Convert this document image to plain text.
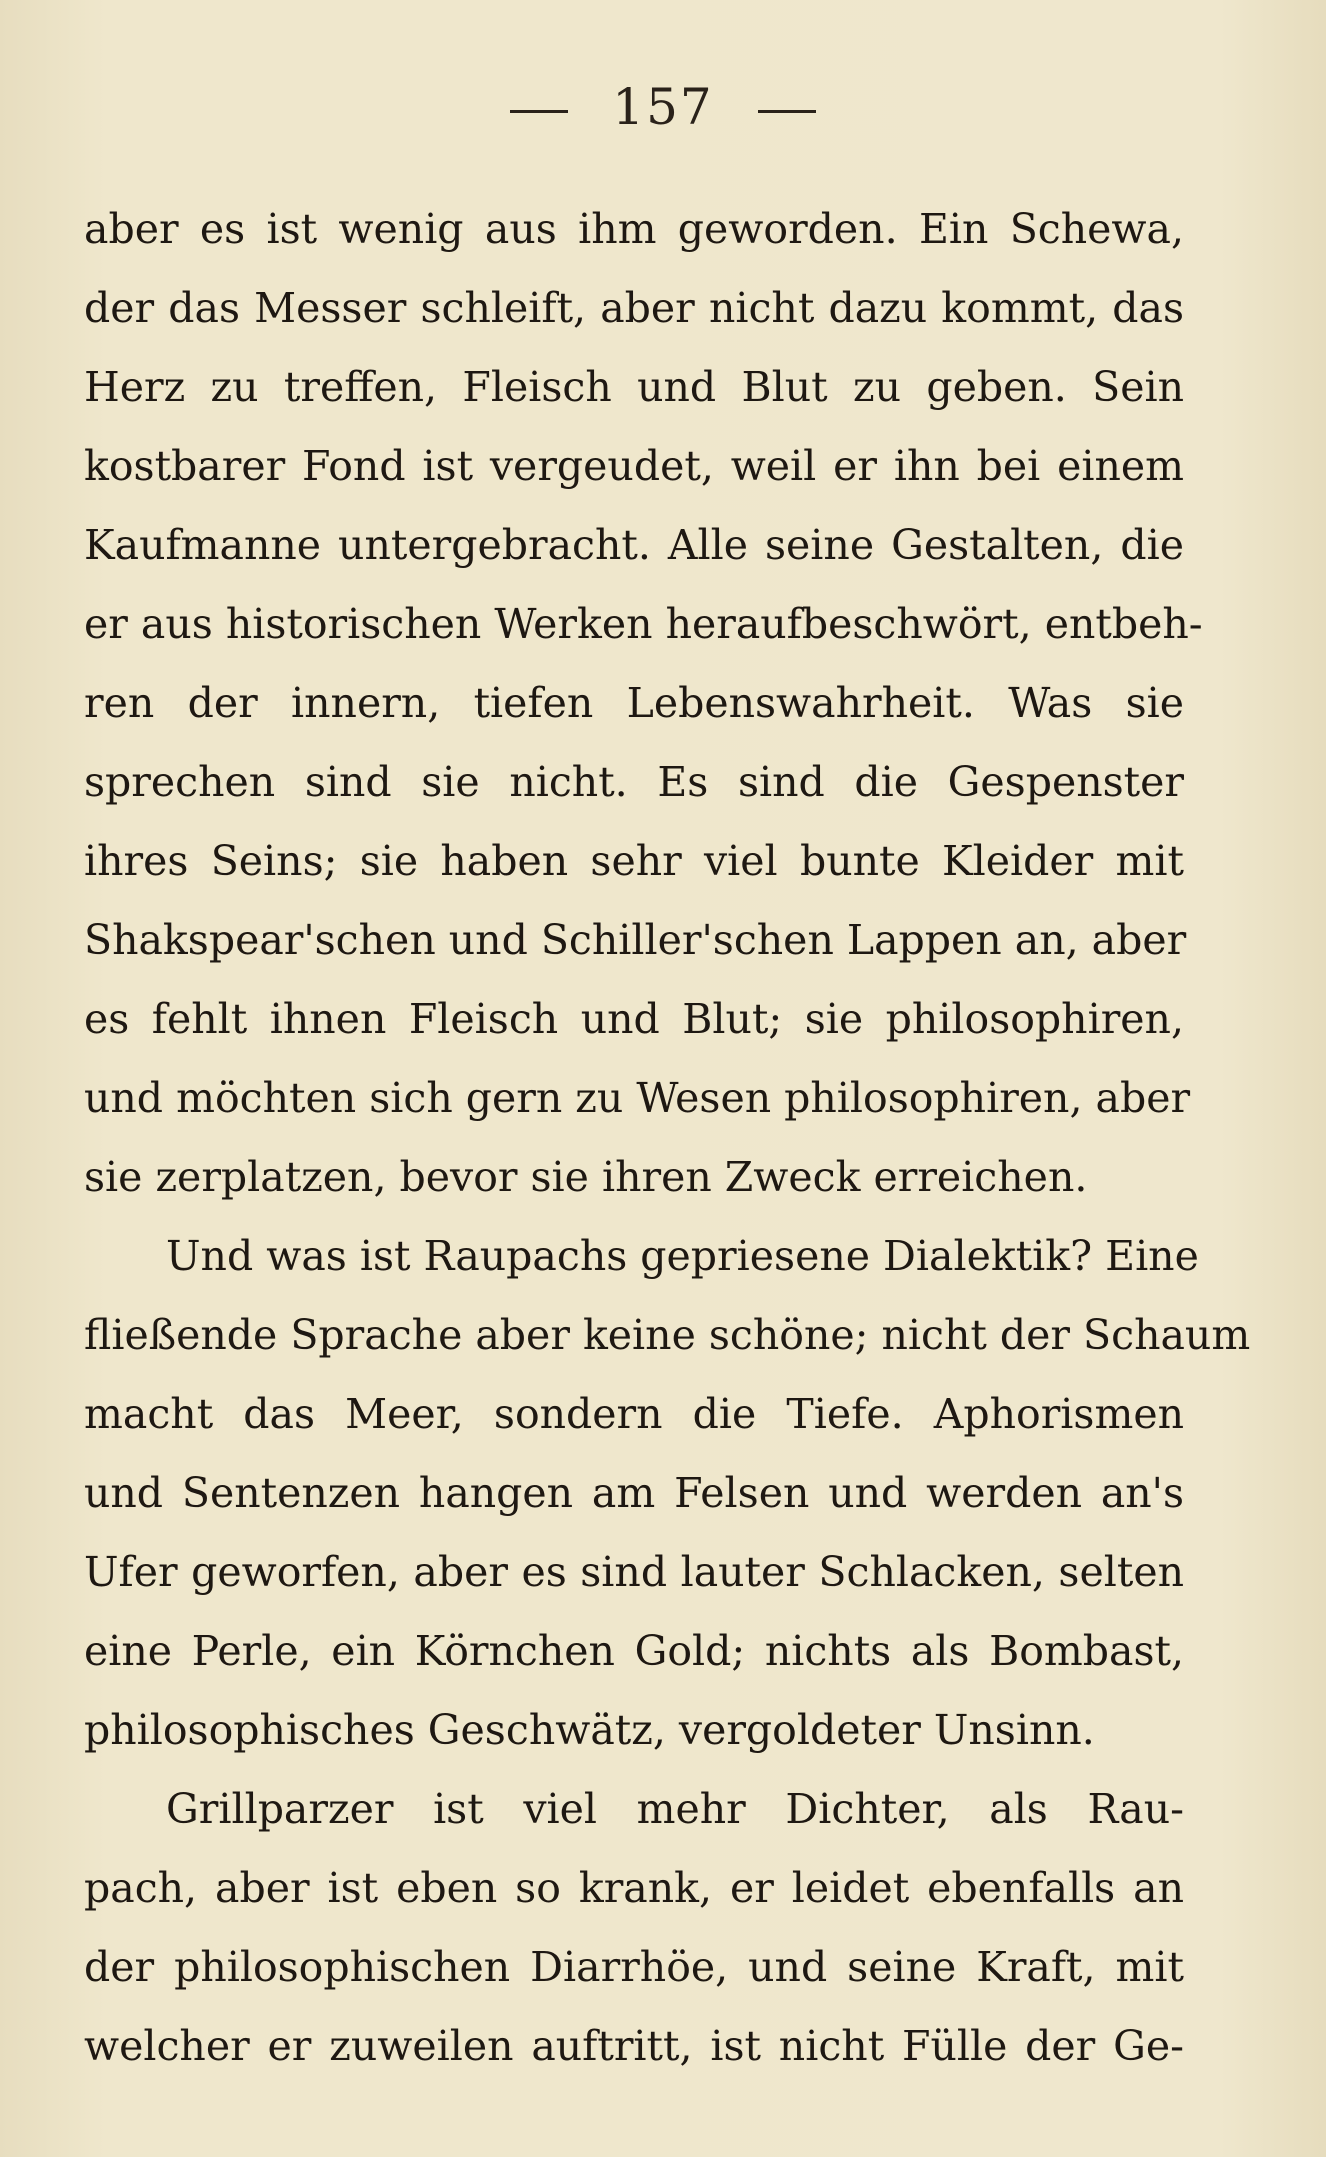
157
aber es ist wenig aus ihm geworden. Ein Schewa,
der das Messer schleift, aber nicht dazu kommt, das
Herz zu treffen, Fleisch und Blut zu geben. Sein
kostbarer Fond ist vergeudet, weil er ihn bei einem
Kaufmanne untergebracht. Alle seine Gestalten, die
er aus historischen Werken heraufbeschwört, entbeh-
ren der innern, tiefen Lebenswahrheit. Was sie
sprechen sind sie nicht. Es sind die Gespenster
ihres Seins; sie haben sehr viel bunte Kleider mit
Shakspear'schen und Schiller'schen Lappen an, aber
es fehlt ihnen Fleisch und Blut; sie philosophiren,
und möchten sich gern zu Wesen philosophiren, aber
sie zerplatzen, bevor sie ihren Zweck erreichen.
Und was ist Raupachs gepriesene Dialektik? Eine
fließende Sprache aber keine schöne; nicht der Schaum
macht das Meer, sondern die Tiefe. Aphorismen
und Sentenzen hangen am Felsen und werden an's
Ufer geworfen, aber es sind lauter Schlacken, selten
eine Perle, ein Körnchen Gold; nichts als Bombast,
philosophisches Geschwätz, vergoldeter Unsinn.
Grillparzer ist viel mehr Dichter, als Rau-
pach, aber ist eben so krank, er leidet ebenfalls an
der philosophischen Diarrhöe, und seine Kraft, mit
welcher er zuweilen auftritt, ist nicht Fülle der Ge-
